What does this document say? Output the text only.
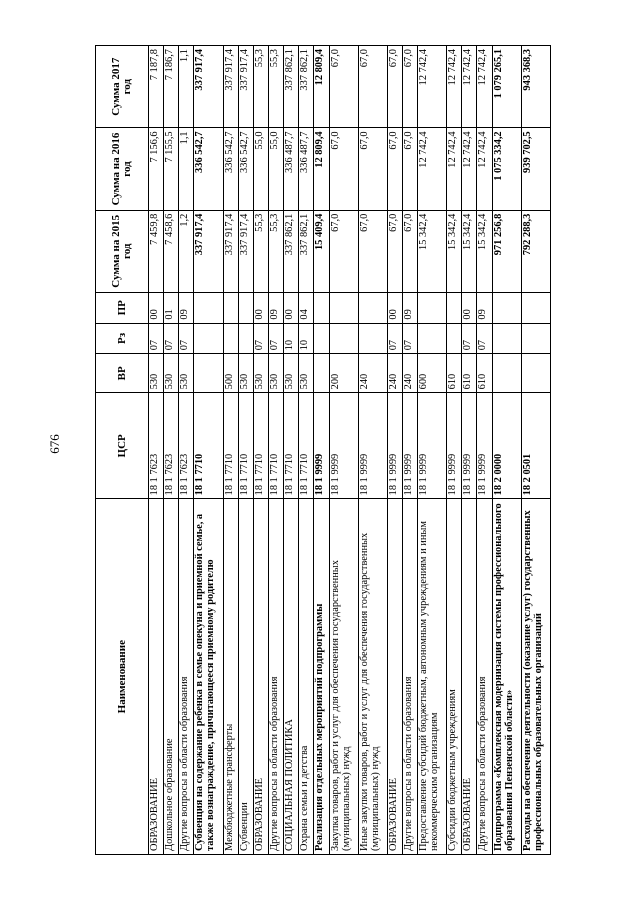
676
Наименование	ЦСР	ВР	Рз	ПР	Сумма на 2015 год	Сумма на 2016 год	Сумма 2017 год
ОБРАЗОВАНИЕ	18 1 7623	530	07	00	7 459,8	7 156,6	7 187,8
Дошкольное образование	18 1 7623	530	07	01	7 458,6	7 155,5	7 186,7
Другие вопросы в области образования	18 1 7623	530	07	09	1,2	1,1	1,1
Субвенция на содержание ребенка в семье опекуна и приемной семье, а также вознаграждение, причитающееся приемному родителю	18 1 7710				337 917,4	336 542,7	337 917,4
Межбюджетные трансферты	18 1 7710	500			337 917,4	336 542,7	337 917,4
Субвенции	18 1 7710	530			337 917,4	336 542,7	337 917,4
ОБРАЗОВАНИЕ	18 1 7710	530	07	00	55,3	55,0	55,3
Другие вопросы в области образования	18 1 7710	530	07	09	55,3	55,0	55,3
СОЦИАЛЬНАЯ ПОЛИТИКА	18 1 7710	530	10	00	337 862,1	336 487,7	337 862,1
Охрана семьи и детства	18 1 7710	530	10	04	337 862,1	336 487,7	337 862,1
Реализация отдельных мероприятий подпрограммы	18 1 9999				15 409,4	12 809,4	12 809,4
Закупка товаров, работ и услуг для обеспечения государственных (муниципальных) нужд	18 1 9999	200			67,0	67,0	67,0
Иные закупки товаров, работ и услуг для обеспечения государственных (муниципальных) нужд	18 1 9999	240			67,0	67,0	67,0
ОБРАЗОВАНИЕ	18 1 9999	240	07	00	67,0	67,0	67,0
Другие вопросы в области образования	18 1 9999	240	07	09	67,0	67,0	67,0
Предоставление субсидий бюджетным, автономным учреждениям и иным некоммерческим организациям	18 1 9999	600			15 342,4	12 742,4	12 742,4
Субсидии бюджетным учреждениям	18 1 9999	610			15 342,4	12 742,4	12 742,4
ОБРАЗОВАНИЕ	18 1 9999	610	07	00	15 342,4	12 742,4	12 742,4
Другие вопросы в области образования	18 1 9999	610	07	09	15 342,4	12 742,4	12 742,4
Подпрограмма «Комплексная модернизация системы профессионального образования Пензенской области»	18 2 0000				971 256,8	1 075 334,2	1 079 265,1
Расходы на обеспечение деятельности (оказание услуг) государственных профессиональных образовательных организаций	18 2 0501				792 288,3	939 702,5	943 368,3
